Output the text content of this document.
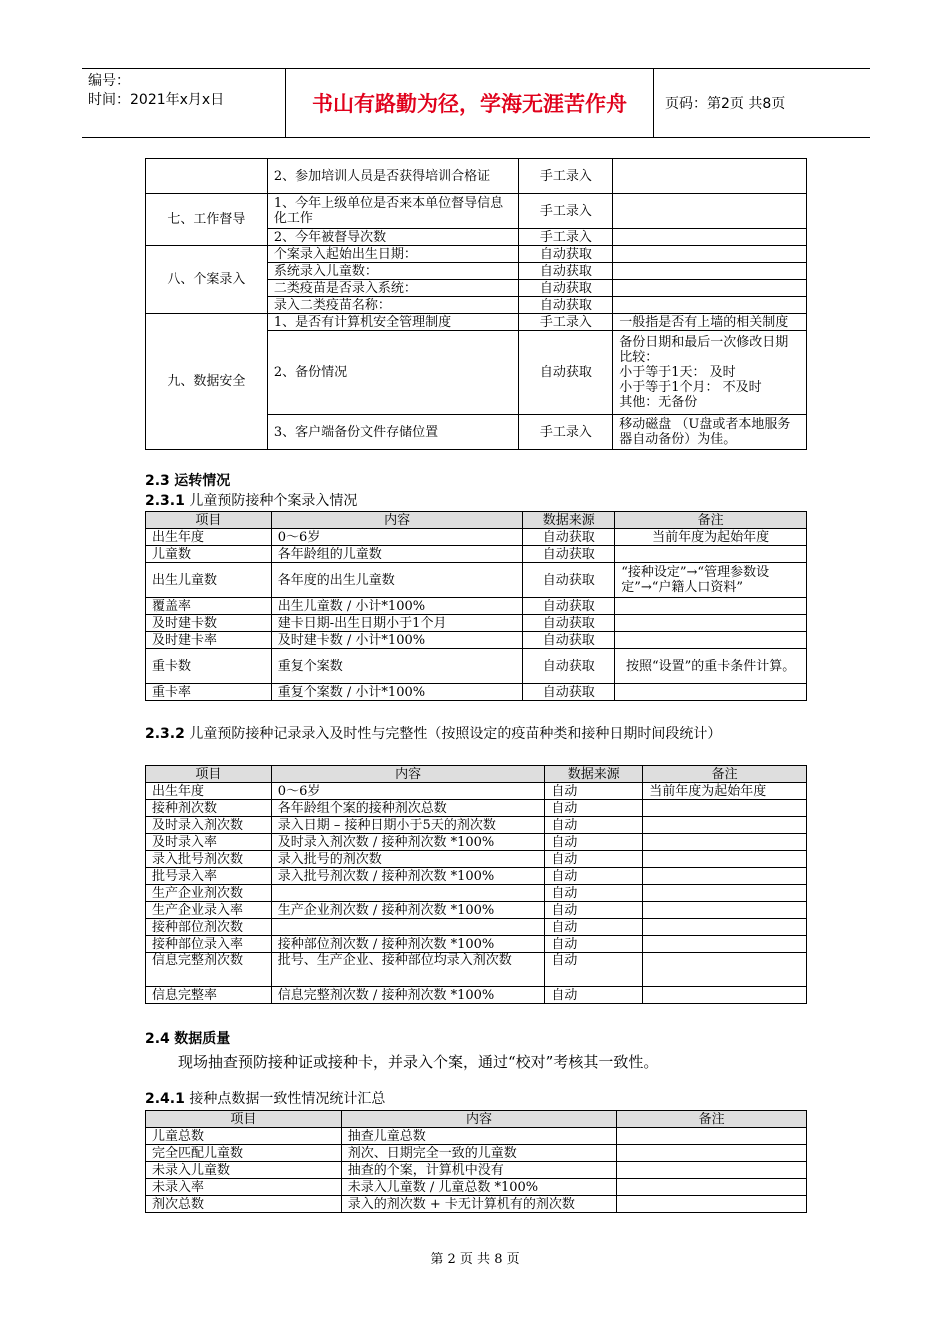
编号：
时间：2021年x月x日	书山有路勤为径，学海无涯苦作舟	页码：第2页 共8页
	2、参加培训人员是否获得培训合格证	手工录入	
七、工作督导	1、今年上级单位是否来本单位督导信息化工作	手工录入	
	2、今年被督导次数	手工录入	
八、个案录入	个案录入起始出生日期：	自动获取	
	系统录入儿童数：	自动获取	
	二类疫苗是否录入系统：	自动获取	
	录入二类疫苗名称：	自动获取	
九、数据安全	1、是否有计算机安全管理制度	手工录入	一般指是否有上墙的相关制度
	2、备份情况	自动获取	备份日期和最后一次修改日期比较：
小于等于1天： 及时
小于等于1个月： 不及时
其他：无备份

	3、客户端备份文件存储位置	手工录入	移动磁盘 （U盘或者本地服务器自动备份）为佳。
2.3 运转情况
2.3.1 儿童预防接种个案录入情况
项目	内容	数据来源	备注
出生年度	0～6岁	自动获取	当前年度为起始年度
儿童数	各年龄组的儿童数	自动获取	
出生儿童数	各年度的出生儿童数	自动获取	“接种设定”→“管理参数设定”→“户籍人口资料”
覆盖率	出生儿童数 / 小计*100%	自动获取	
及时建卡数	建卡日期-出生日期小于1个月	自动获取	
及时建卡率	及时建卡数 / 小计*100%	自动获取	
重卡数	重复个案数	自动获取	按照“设置”的重卡条件计算。
重卡率	重复个案数 / 小计*100%	自动获取	
2.3.2 儿童预防接种记录录入及时性与完整性（按照设定的疫苗种类和接种日期时间段统计）
项目	内容	数据来源	备注
出生年度	0～6岁	自动	当前年度为起始年度
接种剂次数	各年龄组个案的接种剂次总数	自动	
及时录入剂次数	录入日期 – 接种日期小于5天的剂次数	自动	
及时录入率	及时录入剂次数 / 接种剂次数 *100%	自动	
录入批号剂次数	录入批号的剂次数	自动	
批号录入率	录入批号剂次数 / 接种剂次数 *100%	自动	
生产企业剂次数		自动	
生产企业录入率	生产企业剂次数 / 接种剂次数 *100%	自动	
接种部位剂次数		自动	
接种部位录入率	接种部位剂次数 / 接种剂次数 *100%	自动	
信息完整剂次数	批号、生产企业、接种部位均录入剂次数	自动	
信息完整率	信息完整剂次数 / 接种剂次数 *100%	自动	
2.4 数据质量
现场抽查预防接种证或接种卡，并录入个案，通过“校对”考核其一致性。
2.4.1 接种点数据一致性情况统计汇总
项目	内容	备注
儿童总数	抽查儿童总数	
完全匹配儿童数	剂次、日期完全一致的儿童数	
未录入儿童数	抽查的个案，计算机中没有	
未录入率	未录入儿童数 / 儿童总数 *100%	
剂次总数	录入的剂次数 + 卡无计算机有的剂次数	
第 2 页 共 8 页
